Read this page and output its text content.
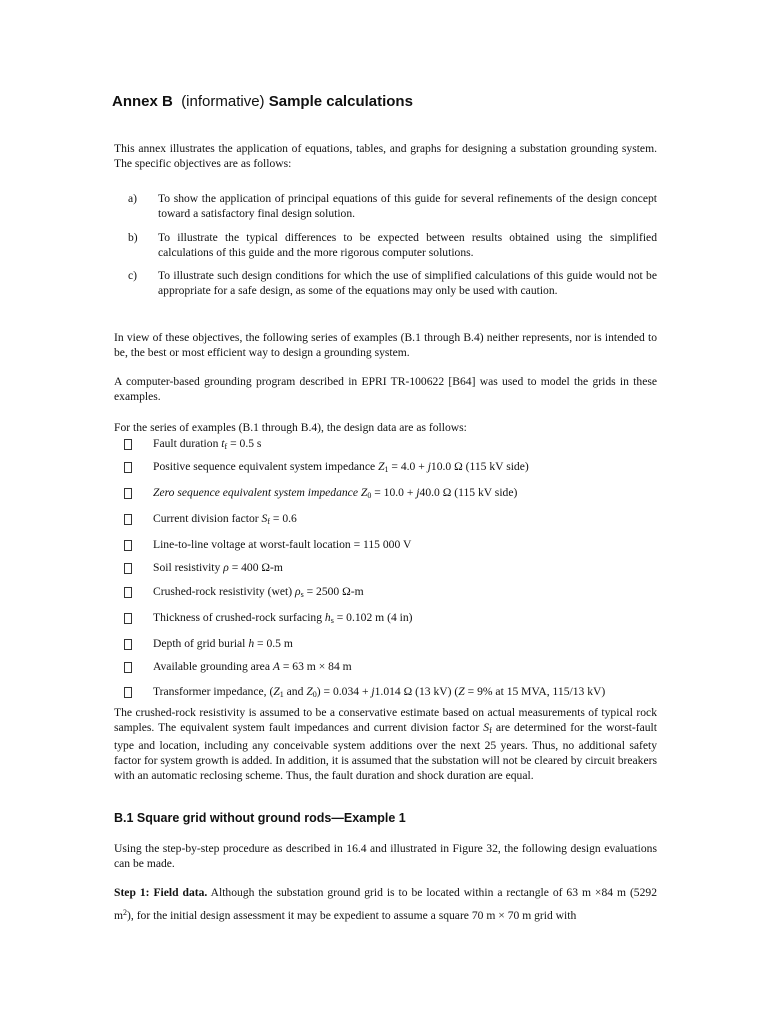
Annex B (informative) Sample calculations
This annex illustrates the application of equations, tables, and graphs for designing a substation grounding system. The specific objectives are as follows:
a) To show the application of principal equations of this guide for several refinements of the design concept toward a satisfactory final design solution.
b) To illustrate the typical differences to be expected between results obtained using the simplified calculations of this guide and the more rigorous computer solutions.
c) To illustrate such design conditions for which the use of simplified calculations of this guide would not be appropriate for a safe design, as some of the equations may only be used with caution.
In view of these objectives, the following series of examples (B.1 through B.4) neither represents, nor is intended to be, the best or most efficient way to design a grounding system.
A computer-based grounding program described in EPRI TR-100622 [B64] was used to model the grids in these examples.
For the series of examples (B.1 through B.4), the design data are as follows:
Fault duration $t_f = 0.5$ s
Positive sequence equivalent system impedance $Z_1 = 4.0 + j10.0$ Ω (115 kV side)
Zero sequence equivalent system impedance $Z_0 = 10.0 + j40.0$ Ω (115 kV side)
Current division factor $S_f = 0.6$
Line-to-line voltage at worst-fault location = 115 000 V
Soil resistivity ρ = 400 Ω-m
Crushed-rock resistivity (wet) $\rho_s = 2500$ Ω-m
Thickness of crushed-rock surfacing $h_s = 0.102$ m (4 in)
Depth of grid burial h = 0.5 m
Available grounding area A = 63 m × 84 m
Transformer impedance, ($Z_1$ and $Z_0) = 0.034 + j1.014$ Ω (13 kV) (Z = 9% at 15 MVA, 115/13 kV)
The crushed-rock resistivity is assumed to be a conservative estimate based on actual measurements of typical rock samples. The equivalent system fault impedances and current division factor $S_f$ are determined for the worst-fault type and location, including any conceivable system additions over the next 25 years. Thus, no additional safety factor for system growth is added. In addition, it is assumed that the substation will not be cleared by circuit breakers with an automatic reclosing scheme. Thus, the fault duration and shock duration are equal.
B.1 Square grid without ground rods—Example 1
Using the step-by-step procedure as described in 16.4 and illustrated in Figure 32, the following design evaluations can be made.
Step 1: Field data. Although the substation ground grid is to be located within a rectangle of 63 m ×84 m (5292 $m^2$), for the initial design assessment it may be expedient to assume a square 70 m × 70 m grid with
